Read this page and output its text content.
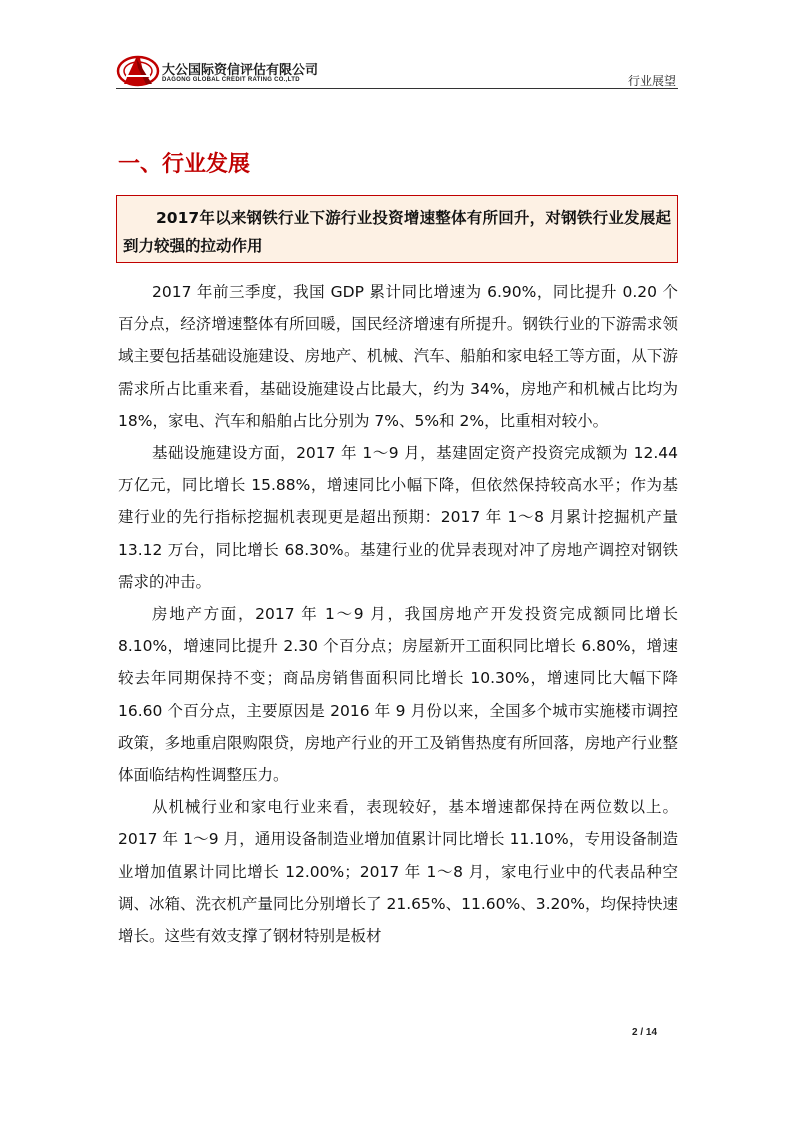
大公国际资信评估有限公司
DAGONG GLOBAL CREDIT RATING CO.,LTD	行业展望
一、行业发展

2017年以来钢铁行业下游行业投资增速整体有所回升，对钢铁行业发展起到力较强的拉动作用

2017 年前三季度，我国 GDP 累计同比增速为 6.90%，同比提升 0.20 个百分点，经济增速整体有所回暖，国民经济增速有所提升。钢铁行业的下游需求领域主要包括基础设施建设、房地产、机械、汽车、船舶和家电轻工等方面，从下游需求所占比重来看，基础设施建设占比最大，约为 34%，房地产和机械占比均为 18%，家电、汽车和船舶占比分别为 7%、5%和 2%，比重相对较小。

基础设施建设方面，2017 年 1～9 月，基建固定资产投资完成额为 12.44 万亿元，同比增长 15.88%，增速同比小幅下降，但依然保持较高水平；作为基建行业的先行指标挖掘机表现更是超出预期：2017 年 1～8 月累计挖掘机产量 13.12 万台，同比增长 68.30%。基建行业的优异表现对冲了房地产调控对钢铁需求的冲击。

房地产方面，2017 年 1～9 月，我国房地产开发投资完成额同比增长 8.10%，增速同比提升 2.30 个百分点；房屋新开工面积同比增长 6.80%，增速较去年同期保持不变；商品房销售面积同比增长 10.30%，增速同比大幅下降 16.60 个百分点，主要原因是 2016 年 9 月份以来，全国多个城市实施楼市调控政策，多地重启限购限贷，房地产行业的开工及销售热度有所回落，房地产行业整体面临结构性调整压力。

从机械行业和家电行业来看，表现较好，基本增速都保持在两位数以上。2017 年 1～9 月，通用设备制造业增加值累计同比增长 11.10%，专用设备制造业增加值累计同比增长 12.00%；2017 年 1～8 月，家电行业中的代表品种空调、冰箱、洗衣机产量同比分别增长了 21.65%、11.60%、3.20%，均保持快速增长。这些有效支撑了钢材特别是板材

2 / 14
